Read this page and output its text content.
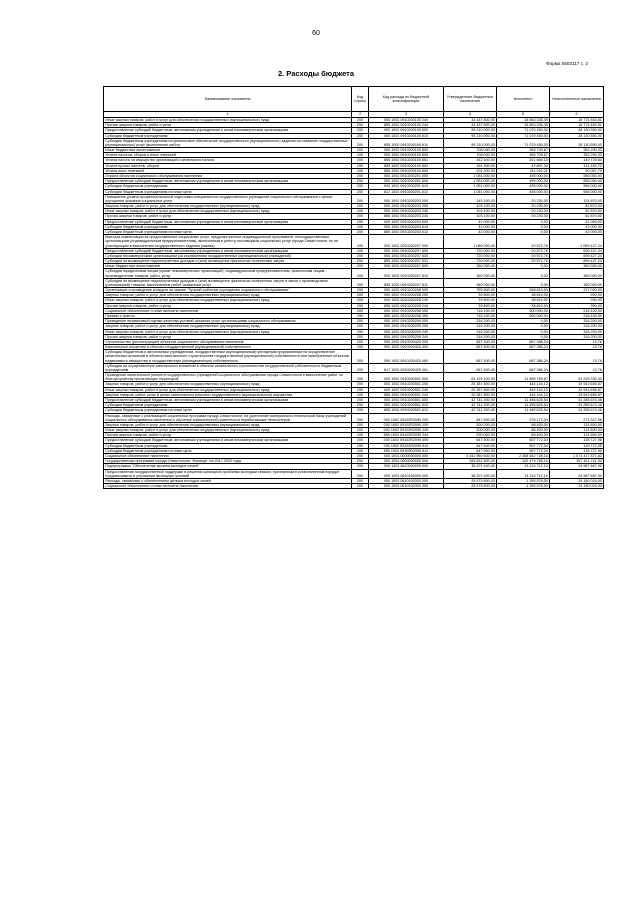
60
Форма 0503117 с. 2
2. Расходы бюджета
Наименование показателя	Код строки	Код расхода по бюджетной классификации	Утвержденные бюджетные назначения	Исполнено	Неисполненные назначения
1	2	3	4	5	6
Иные закупки товаров, работ и услуг для обеспечения государственных (муниципальных) нужд	200	000 1002 0910200100 240	34 437 800,00	15 663 336,49	18 774 463,51
Прочая закупка товаров, работ и услуг	200	855 1002 0910200100 244	34 437 800,00	15 663 336,49	18 774 463,51
Предоставление субсидий бюджетным, автономным учреждениям и иным некоммерческим организациям	200	000 1002 0910200100 600	99 210 000,00	71 079 450,00	28 130 550,00
Субсидии бюджетным учреждениям	200	000 1002 0910200100 610	99 210 000,00	71 079 450,00	28 130 550,00
Субсидии бюджетным учреждениям на финансовое обеспечение государственного (муниципального) задания на оказание государственных (муниципальных) услуг (выполнение работ)	200	855 1002 0910200100 611	99 210 000,00	71 079 450,00	28 130 550,00
Иные бюджетные ассигнования	200	000 1002 0910200100 800	708 000,00	355 709,67	352 290,33
Уплата налогов, сборов и иных платежей	200	000 1002 0910200100 850	708 000,00	355 709,67	352 290,33
Уплата налога на имущество организаций и земельного налога	200	855 1002 0910200100 851	342 400,00	201 660,16	140 739,84
Уплата прочих налогов, сборов	200	855 1002 0910200100 852	164 300,00	42 807,30	121 492,70
Уплата иных платежей	200	855 1002 0910200100 853	201 300,00	111 242,21	90 057,79
Охрана объектов социального обслуживания населения	200	000 1002 0910200201 000	1 051 000,00	495 000,00	556 000,00
Предоставление субсидий бюджетным, автономным учреждениям и иным некоммерческим организациям	200	000 1002 0910200201 600	1 051 000,00	495 000,00	556 000,00
Субсидии бюджетным учреждениям	200	000 1002 0910200201 610	1 051 000,00	495 000,00	556 000,00
Субсидии бюджетным учреждениям на иные цели	200	817 1002 0910200201 612	1 051 000,00	495 000,00	556 000,00
Повышение уровня профессиональной подготовки специалистов государственных учреждений социального обслуживания с целью улучшения оказания социальных услуг	200	000 1002 0910200203 000	145 100,00	20 230,00	124 870,00
Закупка товаров, работ и услуг для обеспечения государственных (муниципальных) нужд	200	000 1002 0910200203 200	103 100,00	20 230,00	82 870,00
Иные закупки товаров, работ и услуг для обеспечения государственных (муниципальных) нужд	200	000 1002 0910200203 240	103 100,00	20 230,00	82 870,00
Прочая закупка товаров, работ и услуг	200	855 1002 0910200203 244	103 100,00	20 230,00	82 870,00
Предоставление субсидий бюджетным, автономным учреждениям и иным некоммерческим организациям	200	000 1002 0910200203 600	42 000,00	0,00	42 000,00
Субсидии бюджетным учреждениям	200	000 1002 0910200203 610	42 000,00	0,00	42 000,00
Субсидии бюджетным учреждениям на иные цели	200	855 1002 0910200203 612	42 000,00	0,00	42 000,00
Выплата компенсации за предоставление социальных услуг, предусмотренных индивидуальной программой, негосударственным организациям (индивидуальным предпринимателям), включенным в реестр поставщиков социальных услуг города Севастополя, но не участвующим в выполнении государственного задания (заказа)	200	000 1002 0910200207 000	1 080 000,00	20 572,76	1 059 427,24
Предоставление субсидий бюджетным, автономным учреждениям и иным некоммерческим организациям	200	000 1002 0910200207 600	720 000,00	20 572,76	699 427,24
Субсидии некоммерческим организациям (за исключением государственных (муниципальных) учреждений)	200	000 1002 0910200207 630	720 000,00	20 572,76	699 427,24
Субсидии на возмещение недополученных доходов и (или) возмещение фактически понесенных затрат	200	855 1002 0910200207 631	720 000,00	20 572,76	699 427,24
Иные бюджетные ассигнования	200	000 1002 0910200207 800	360 000,00	0,00	360 000,00
Субсидии юридическим лицам (кроме некоммерческих организаций), индивидуальным предпринимателям, физическим лицам - производителям товаров, работ, услуг	200	000 1002 0910200207 810	360 000,00	0,00	360 000,00
Субсидии на возмещение недополученных доходов и (или) возмещение фактически понесенных затрат в связи с производством (реализацией) товаров, выполнением работ, оказанием услуг	200	855 1002 0910200207 811	360 000,00	0,00	360 000,00
Организация и проведение конкурса на звание "Лучший работник учреждения социального обслуживания"	200	000 1002 0910200208 000	755 900,00	538 810,00	217 090,00
Закупка товаров, работ и услуг для обеспечения государственных (муниципальных) нужд	200	000 1002 0910200208 200	39 800,00	38 810,00	990,00
Иные закупки товаров, работ и услуг для обеспечения государственных (муниципальных) нужд	200	000 1002 0910200208 240	39 800,00	38 810,00	990,00
Прочая закупка товаров, работ и услуг	200	855 1002 0910200208 244	39 800,00	38 810,00	990,00
Социальное обеспечение и иные выплаты населению	200	000 1002 0910200208 300	716 100,00	500 000,00	216 100,00
Премии и гранты	200	855 1002 0910200208 350	716 100,00	500 000,00	216 100,00
Проведение независимой оценки качества условий оказания услуг организациями социального обслуживания	200	000 1002 0910200209 000	316 200,00	0,00	316 200,00
Закупка товаров, работ и услуг для обеспечения государственных (муниципальных) нужд	200	000 1002 0910200209 200	316 200,00	0,00	316 200,00
Иные закупки товаров, работ и услуг для обеспечения государственных (муниципальных) нужд	200	000 1002 0910200209 240	316 200,00	0,00	316 200,00
Прочая закупка товаров, работ и услуг	200	855 1002 0910200209 244	316 200,00	0,00	316 200,00
Строительство (реконструкция) объектов социального обслуживания населения	200	000 1002 0910200420 000	667 400,00	667 386,24	13,76
Капитальные вложения в объекты государственной (муниципальной) собственности	200	000 1002 0910200420 400	667 400,00	667 386,24	13,76
Субсидии бюджетным и автономным учреждениям, государственным (муниципальным) унитарным предприятиям на осуществление капитальных вложений в объекты капитального строительства государственной (муниципальной) собственности или приобретение объектов недвижимого имущества в государственную (муниципальную) собственность	200	000 1002 0910200420 460	667 400,00	667 386,24	13,76
Субсидии на осуществление капитальных вложений в объекты капитального строительства государственной собственности бюджетным учреждениям	200	817 1002 0910200420 461	667 400,00	667 386,24	13,76
Проведение капитального ремонта государственных учреждений социального обслуживания города Севастополя и выполнение работ по благоустройству прилегающих территорий	200	000 1002 0910200501 000	63 129 100,00	11 899 769,67	51 229 330,33
Закупка товаров, работ и услуг для обеспечения государственных (муниципальных) нужд	200	000 1002 0910200501 200	20 387 800,00	444 144,13	19 943 655,87
Иные закупки товаров, работ и услуг для обеспечения государственных (муниципальных) нужд	200	000 1002 0910200501 240	20 387 800,00	444 144,13	19 943 655,87
Закупка товаров, работ, услуг в целях капитального ремонта государственного (муниципального) имущества	200	855 1002 0910200501 243	20 387 800,00	444 144,13	19 943 655,87
Предоставление субсидий бюджетным, автономным учреждениям и иным некоммерческим организациям	200	000 1002 0910200501 600	42 741 300,00	11 455 625,54	31 285 674,46
Субсидии бюджетным учреждениям	200	000 1002 0910200501 610	42 741 300,00	11 455 625,54	31 285 674,46
Субсидии бюджетным учреждениям на иные цели	200	855 1002 0910200501 612	42 741 300,00	11 455 625,54	31 285 674,46
Расходы, связанные с реализацией социальных программ города Севастополя, на укрепление материально-технической базы учреждений социального обслуживания населения и обучение компьютерной грамотности неработающих пенсионеров	200	000 1002 09102R2090 000	847 500,00	576 172,04	271 327,96
Закупка товаров, работ и услуг для обеспечения государственных (муниципальных) нужд	200	000 1002 09102R2090 200	200 000,00	68 400,00	131 600,00
Иные закупки товаров, работ и услуг для обеспечения государственных (муниципальных) нужд	200	000 1002 09102R2090 240	200 000,00	68 400,00	131 600,00
Прочая закупка товаров, работ и услуг	200	855 1002 09102R2090 244	200 000,00	68 400,00	131 600,00
Предоставление субсидий бюджетным, автономным учреждениям и иным некоммерческим организациям	200	000 1002 09102R2090 600	647 500,00	507 772,04	139 727,96
Субсидии бюджетным учреждениям	200	000 1002 09102R2090 610	647 500,00	507 772,04	139 727,96
Субсидии бюджетным учреждениям на иные цели	200	855 1002 09102R2090 612	647 500,00	507 772,04	139 727,96
Социальное обеспечение населения	200	000 1003 0000000000 000	3 441 960 600,00	2 368 542 728,18	1 073 417 871,82
Государственная программа города Севастополя "Жилище" на 2017-2022 годы	200	000 1003 0600000000 000	269 631 500,00	102 479 758,10	167 151 741,90
Подпрограмма "Обеспечение жильем молодых семей"	200	000 1003 0610000000 000	38 207 400,00	13 219 712,10	24 987 687,90
Предоставление государственной поддержки в решении жилищной проблемы молодым семьям, признанным в установленном порядке нуждающимися в улучшении жилищных условий	200	000 1003 0610100000 000	38 207 400,00	13 219 712,10	24 987 687,90
Расходы, связанные с обеспечением жильем молодых семей	200	000 1003 0610100300 000	25 575 600,00	1 395 576,00	24 180 024,00
Социальное обеспечение и иные выплаты населению	200	000 1003 0610100300 300	25 575 600,00	1 395 576,00	24 180 024,00
